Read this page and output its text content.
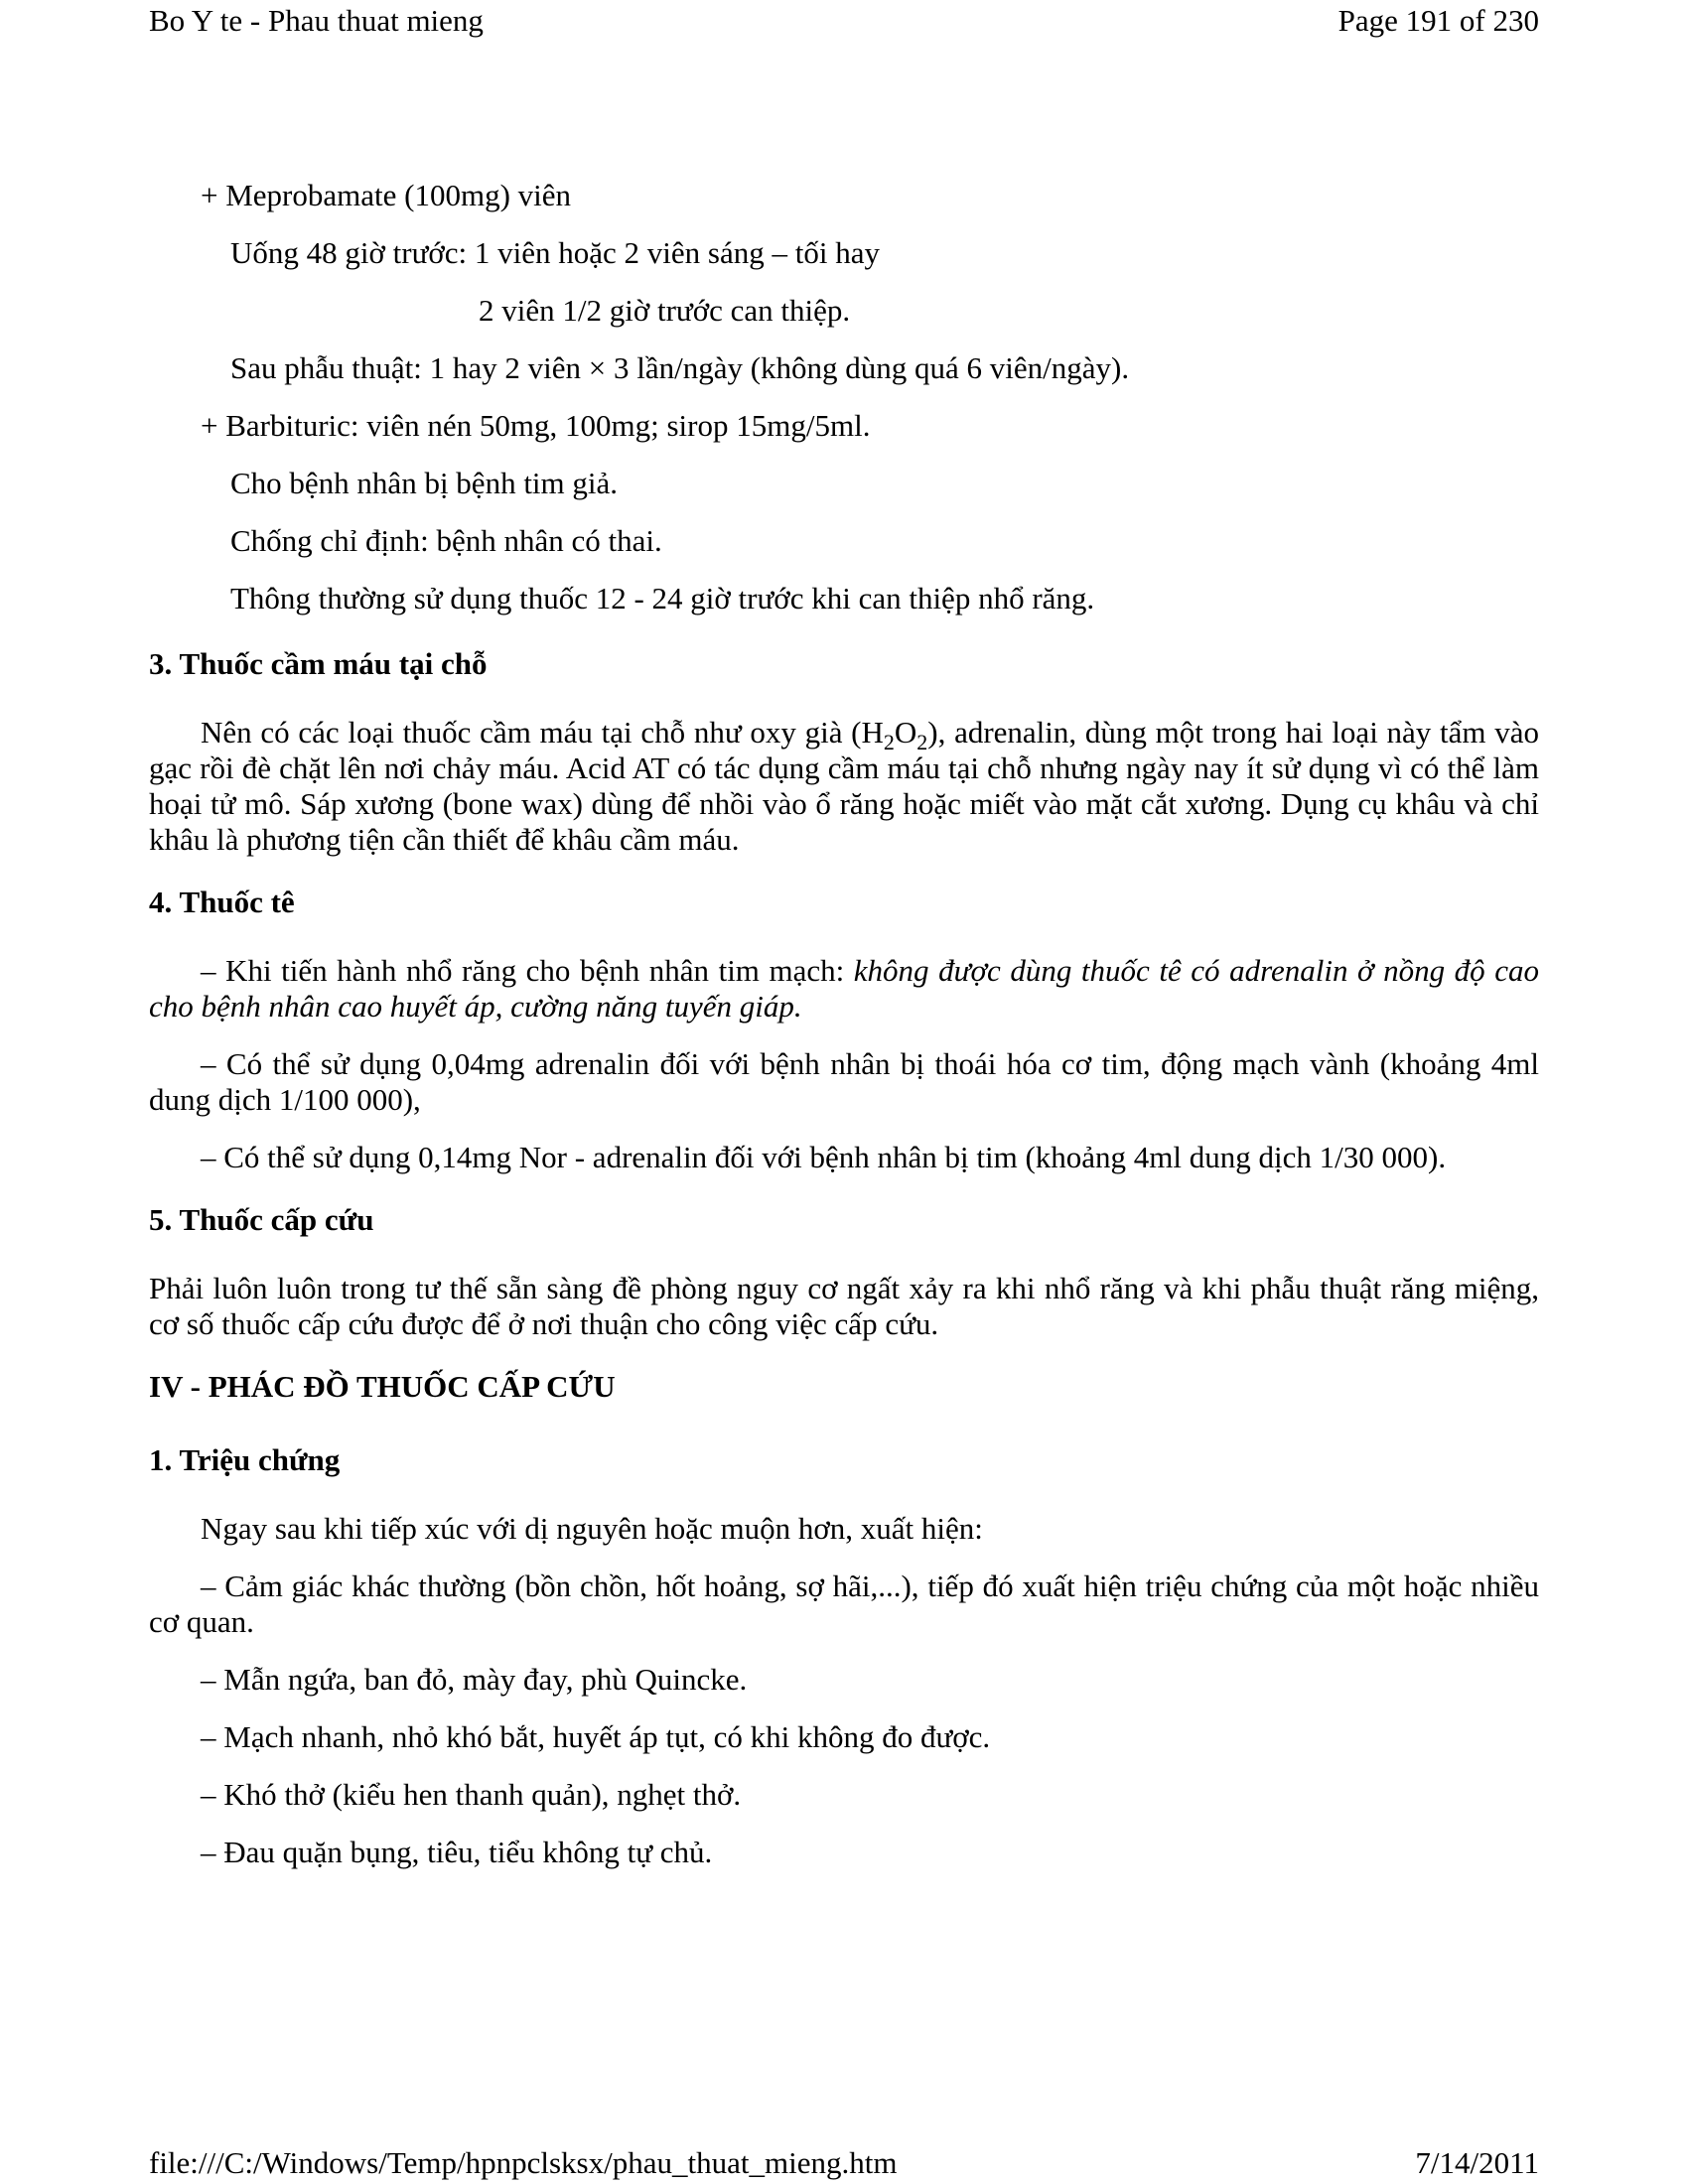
Bo Y te - Phau thuat mieng	Page 191 of 230
+ Meprobamate (100mg) viên
Uống 48 giờ trước: 1 viên hoặc 2 viên sáng – tối hay
2 viên 1/2 giờ trước can thiệp.
Sau phẫu thuật: 1 hay 2 viên × 3 lần/ngày (không dùng quá 6 viên/ngày).
+ Barbituric: viên nén 50mg, 100mg; sirop 15mg/5ml.
Cho bệnh nhân bị bệnh tim giả.
Chống chỉ định: bệnh nhân có thai.
Thông thường sử dụng thuốc 12 - 24 giờ trước khi can thiệp nhổ răng.
3. Thuốc cầm máu tại chỗ
Nên có các loại thuốc cầm máu tại chỗ như oxy già $(H_2O_2)$, adrenalin, dùng một trong hai loại này tẩm vào gạc rồi đè chặt lên nơi chảy máu. Acid AT có tác dụng cầm máu tại chỗ nhưng ngày nay ít sử dụng vì có thể làm hoại tử mô. Sáp xương (bone wax) dùng để nhồi vào ổ răng hoặc miết vào mặt cắt xương. Dụng cụ khâu và chỉ khâu là phương tiện cần thiết để khâu cầm máu.
4. Thuốc tê
– Khi tiến hành nhổ răng cho bệnh nhân tim mạch: không được dùng thuốc tê có adrenalin ở nồng độ cao cho bệnh nhân cao huyết áp, cường năng tuyến giáp.
– Có thể sử dụng 0,04mg adrenalin đối với bệnh nhân bị thoái hóa cơ tim, động mạch vành (khoảng 4ml dung dịch 1/100 000),
– Có thể sử dụng 0,14mg Nor - adrenalin đối với bệnh nhân bị tim (khoảng 4ml dung dịch 1/30 000).
5. Thuốc cấp cứu
Phải luôn luôn trong tư thế sẵn sàng đề phòng nguy cơ ngất xảy ra khi nhổ răng và khi phẫu thuật răng miệng, cơ số thuốc cấp cứu được để ở nơi thuận cho công việc cấp cứu.
IV - PHÁC ĐỒ THUỐC CẤP CỨU
1. Triệu chứng
Ngay sau khi tiếp xúc với dị nguyên hoặc muộn hơn, xuất hiện:
– Cảm giác khác thường (bồn chồn, hốt hoảng, sợ hãi,...), tiếp đó xuất hiện triệu chứng của một hoặc nhiều cơ quan.
– Mẫn ngứa, ban đỏ, mày đay, phù Quincke.
– Mạch nhanh, nhỏ khó bắt, huyết áp tụt, có khi không đo được.
– Khó thở (kiểu hen thanh quản), nghẹt thở.
– Đau quặn bụng, tiêu, tiểu không tự chủ.
file:///C:/Windows/Temp/hpnpclsksx/phau_thuat_mieng.htm	7/14/2011
